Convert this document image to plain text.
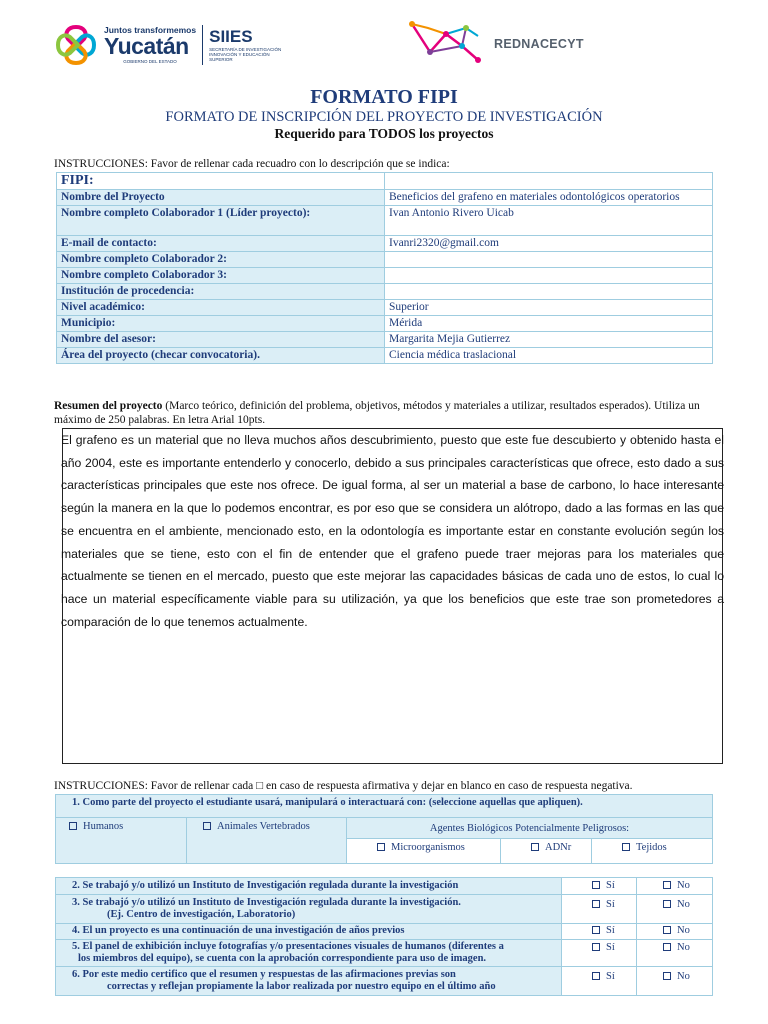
Juntos transformemos
Yucatán
GOBIERNO DEL ESTADO
SIIES
SECRETARÍA DE INVESTIGACIÓN
INNOVACIÓN Y EDUCACIÓN
SUPERIOR
REDNACECYT
FORMATO FIPI
FORMATO DE INSCRIPCIÓN DEL PROYECTO DE INVESTIGACIÓN
Requerido para TODOS los proyectos
INSTRUCCIONES: Favor de rellenar cada recuadro con lo descripción que se indica:
FIPI:	
Nombre del Proyecto	Beneficios del grafeno en materiales odontológicos operatorios
Nombre completo Colaborador 1 (Líder proyecto):	Ivan Antonio Rivero Uicab
E-mail de contacto:	Ivanri2320@gmail.com
Nombre completo Colaborador 2:	
Nombre completo Colaborador 3:	
Institución de procedencia:	
Nivel académico:	Superior
Municipio:	Mérida
Nombre del asesor:	Margarita Mejia Gutierrez
Área del proyecto (checar convocatoria).	Ciencia médica traslacional
Resumen del proyecto (Marco teórico, definición del problema, objetivos, métodos y materiales a utilizar, resultados esperados). Utiliza un máximo de 250 palabras. En letra Arial 10pts.
El grafeno es un material que no lleva muchos años descubrimiento, puesto que este fue descubierto y obtenido hasta el año 2004, este es importante entenderlo y conocerlo, debido a sus principales características que ofrece, esto dado a sus características principales que este nos ofrece. De igual forma, al ser un material a base de carbono, lo hace interesante según la manera en la que lo podemos encontrar, es por eso que se considera un alótropo, dado a las formas en las que se encuentra en el ambiente, mencionado esto, en la odontología es importante estar en constante evolución según los materiales que se tiene, esto con el fin de entender que el grafeno puede traer mejoras para los materiales que actualmente se tienen en el mercado, puesto que este mejorar las capacidades básicas de cada uno de estos, lo cual lo hace un material específicamente viable para su utilización, ya que los beneficios que este trae son prometedores a comparación de lo que tenemos actualmente.
INSTRUCCIONES: Favor de rellenar cada □ en caso de respuesta afirmativa y dejar en blanco en caso de respuesta negativa.
1. Como parte del proyecto el estudiante usará, manipulará o interactuará con: (seleccione aquellas que apliquen).
Humanos	Animales Vertebrados	Agentes Biológicos Potencialmente Peligrosos:
Microorganismos	ADNr	Tejidos
2. Se trabajó y/o utilizó un Instituto de Investigación regulada durante la investigación	Sí	No
3. Se trabajó y/o utilizó un Instituto de Investigación regulada durante la investigación.
(Ej. Centro de investigación, Laboratorio)
Sí	No
4. El un proyecto es una continuación de una investigación de años previos	Sí	No
5. El panel de exhibición incluye fotografías y/o presentaciones visuales de humanos (diferentes a
los miembros del equipo), se cuenta con la aprobación correspondiente para uso de imagen.
Sí	No
6. Por este medio certifico que el resumen y respuestas de las afirmaciones previas son
correctas y reflejan propiamente la labor realizada por nuestro equipo en el último año
Sí	No
